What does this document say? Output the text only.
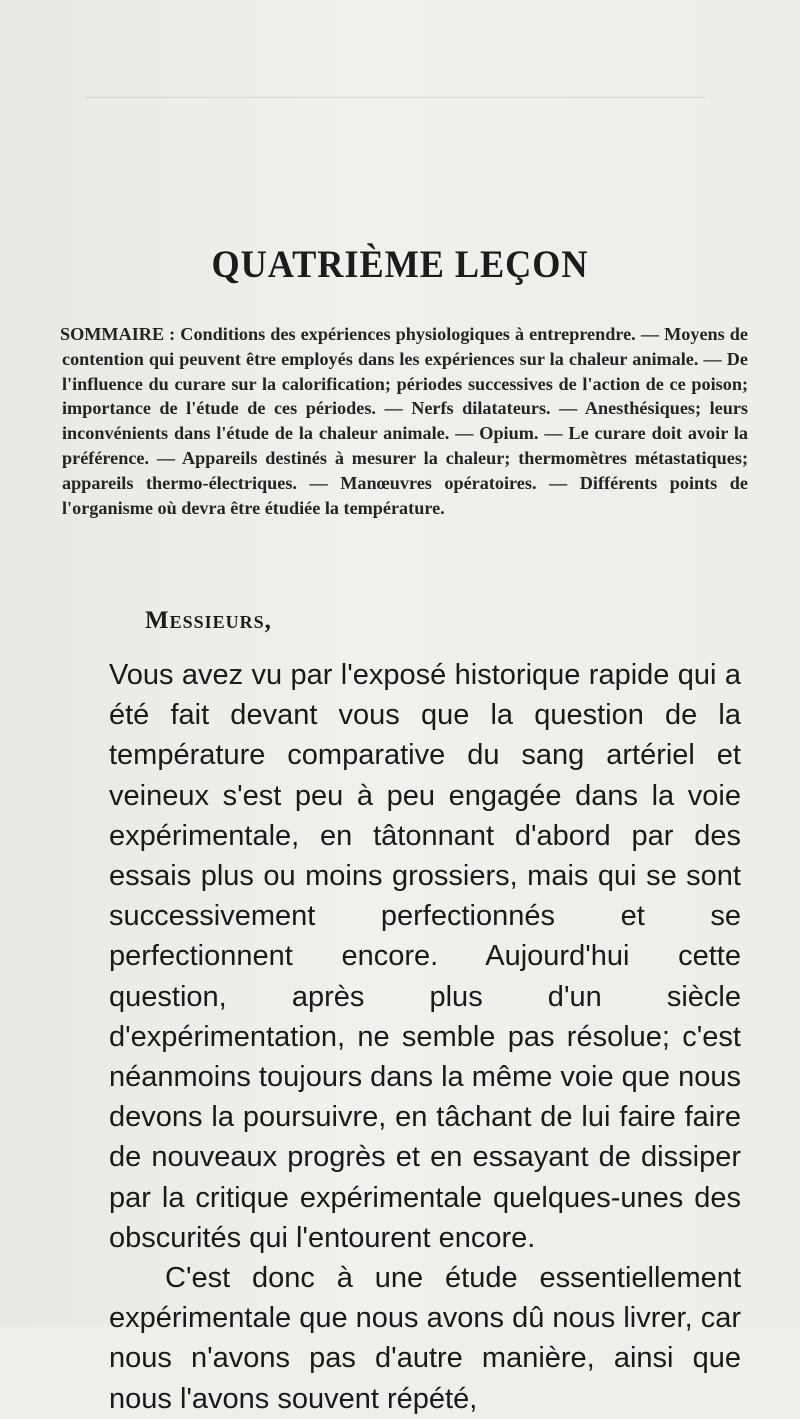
QUATRIÈME LEÇON

SOMMAIRE : Conditions des expériences physiologiques à entreprendre. — Moyens de contention qui peuvent être employés dans les expériences sur la chaleur animale. — De l'influence du curare sur la calorification; périodes successives de l'action de ce poison; importance de l'étude de ces périodes. — Nerfs dilatateurs. — Anesthésiques; leurs inconvénients dans l'étude de la chaleur animale. — Opium. — Le curare doit avoir la préférence. — Appareils destinés à mesurer la chaleur; thermomètres métastatiques; appareils thermo-électriques. — Manœuvres opératoires. — Différents points de l'organisme où devra être étudiée la température.

Messieurs,

Vous avez vu par l'exposé historique rapide qui a été fait devant vous que la question de la température comparative du sang artériel et veineux s'est peu à peu engagée dans la voie expérimentale, en tâtonnant d'abord par des essais plus ou moins grossiers, mais qui se sont successivement perfectionnés et se perfectionnent encore. Aujourd'hui cette question, après plus d'un siècle d'expérimentation, ne semble pas résolue; c'est néanmoins toujours dans la même voie que nous devons la poursuivre, en tâchant de lui faire faire de nouveaux progrès et en essayant de dissiper par la critique expérimentale quelques-unes des obscurités qui l'entourent encore.

C'est donc à une étude essentiellement expérimentale que nous avons dû nous livrer, car nous n'avons pas d'autre manière, ainsi que nous l'avons souvent répété,
